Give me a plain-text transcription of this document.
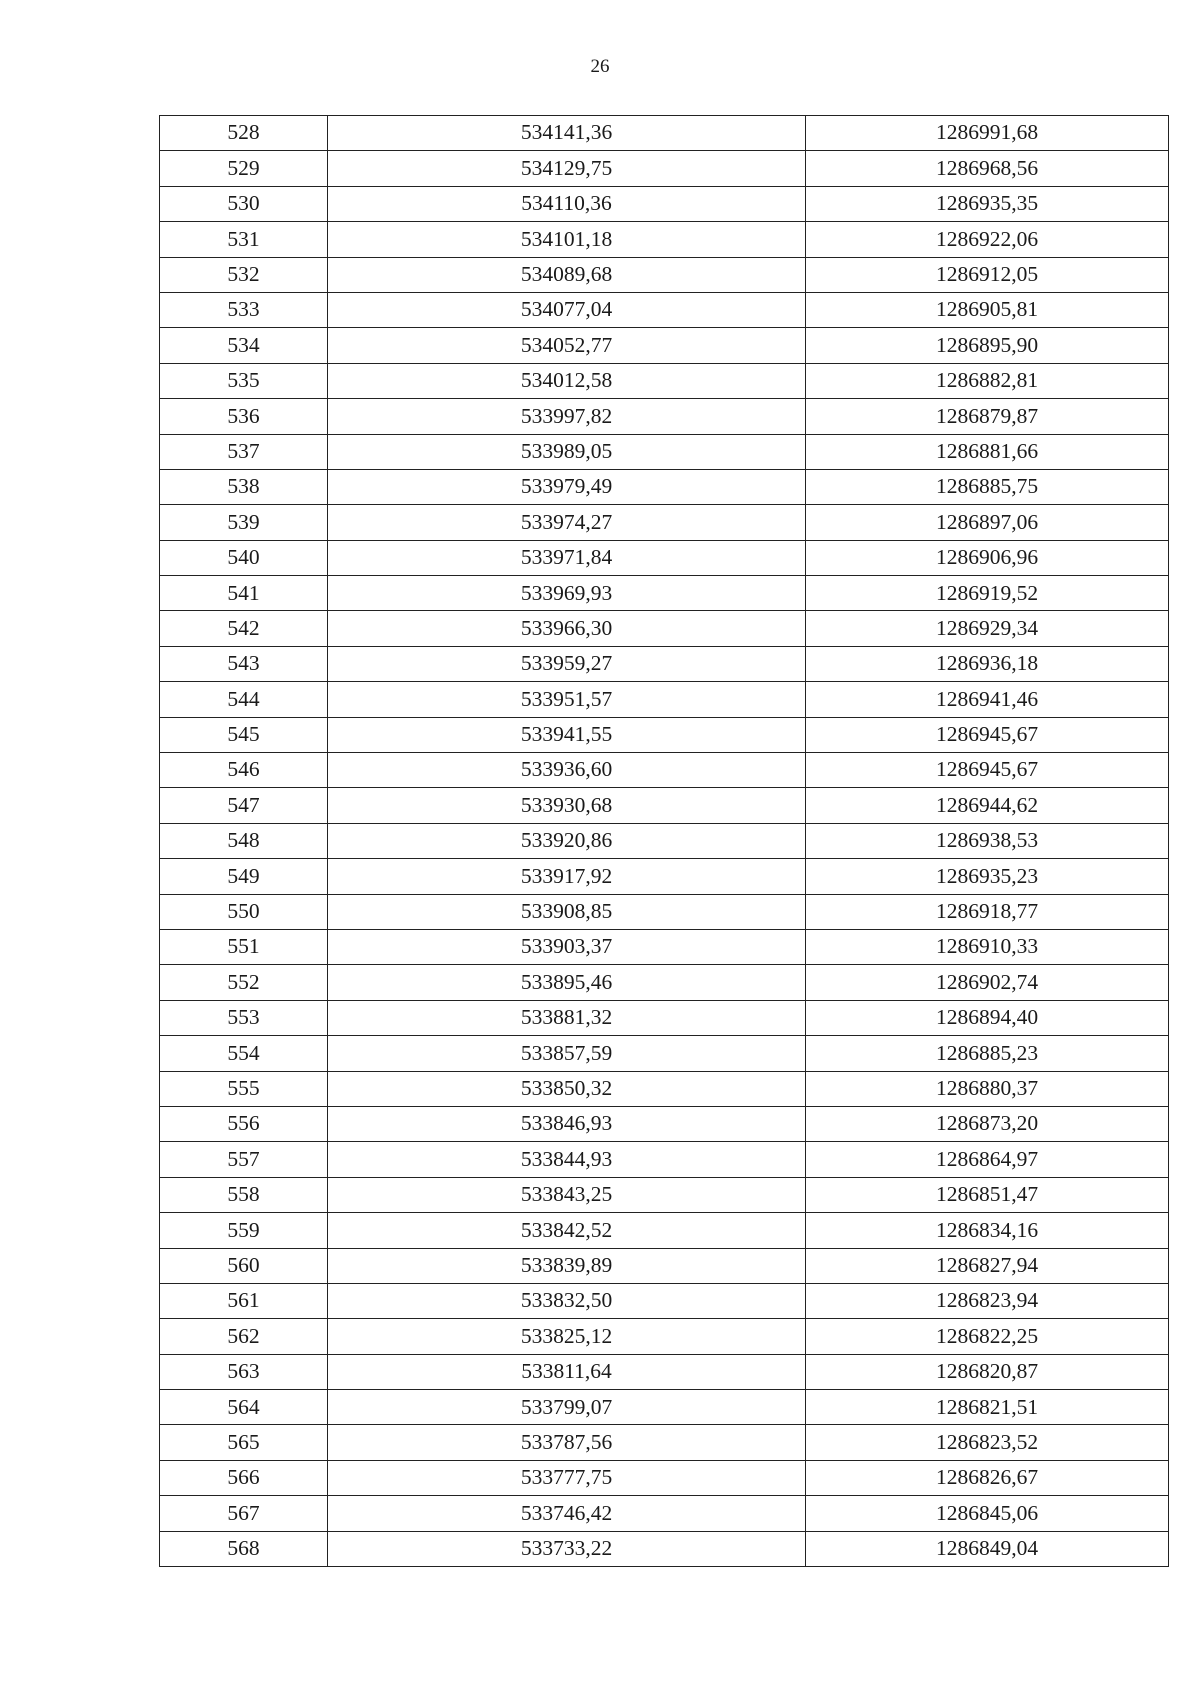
26
528	534141,36	1286991,68
529	534129,75	1286968,56
530	534110,36	1286935,35
531	534101,18	1286922,06
532	534089,68	1286912,05
533	534077,04	1286905,81
534	534052,77	1286895,90
535	534012,58	1286882,81
536	533997,82	1286879,87
537	533989,05	1286881,66
538	533979,49	1286885,75
539	533974,27	1286897,06
540	533971,84	1286906,96
541	533969,93	1286919,52
542	533966,30	1286929,34
543	533959,27	1286936,18
544	533951,57	1286941,46
545	533941,55	1286945,67
546	533936,60	1286945,67
547	533930,68	1286944,62
548	533920,86	1286938,53
549	533917,92	1286935,23
550	533908,85	1286918,77
551	533903,37	1286910,33
552	533895,46	1286902,74
553	533881,32	1286894,40
554	533857,59	1286885,23
555	533850,32	1286880,37
556	533846,93	1286873,20
557	533844,93	1286864,97
558	533843,25	1286851,47
559	533842,52	1286834,16
560	533839,89	1286827,94
561	533832,50	1286823,94
562	533825,12	1286822,25
563	533811,64	1286820,87
564	533799,07	1286821,51
565	533787,56	1286823,52
566	533777,75	1286826,67
567	533746,42	1286845,06
568	533733,22	1286849,04
